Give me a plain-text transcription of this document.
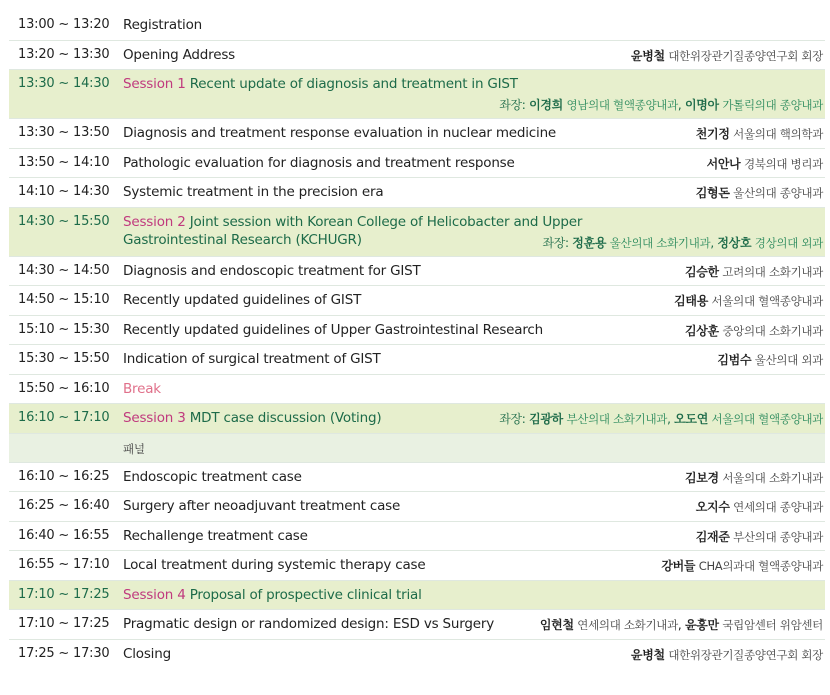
13:00 ~ 13:20	Registration
13:20 ~ 13:30	Opening Address	윤병철 대한위장관기질종양연구회 회장
13:30 ~ 14:30	Session 1 Recent update of diagnosis and treatment in GIST
좌장: 이경희 영남의대 혈액종양내과, 이명아 가톨릭의대 종양내과
13:30 ~ 13:50	Diagnosis and treatment response evaluation in nuclear medicine	천기정 서울의대 핵의학과
13:50 ~ 14:10	Pathologic evaluation for diagnosis and treatment response	서안나 경북의대 병리과
14:10 ~ 14:30	Systemic treatment in the precision era	김형돈 울산의대 종양내과
14:30 ~ 15:50	Session 2 Joint session with Korean College of Helicobacter and Upper
Gastrointestinal Research (KCHUGR)	좌장: 정훈용 울산의대 소화기내과, 정상호 경상의대 외과
14:30 ~ 14:50	Diagnosis and endoscopic treatment for GIST	김승한 고려의대 소화기내과
14:50 ~ 15:10	Recently updated guidelines of GIST	김태용 서울의대 혈액종양내과
15:10 ~ 15:30	Recently updated guidelines of Upper Gastrointestinal Research	김상훈 중앙의대 소화기내과
15:30 ~ 15:50	Indication of surgical treatment of GIST	김범수 울산의대 외과
15:50 ~ 16:10	Break
16:10 ~ 17:10	Session 3 MDT case discussion (Voting)	좌장: 김광하 부산의대 소화기내과, 오도연 서울의대 혈액종양내과
패널
16:10 ~ 16:25	Endoscopic treatment case	김보경 서울의대 소화기내과
16:25 ~ 16:40	Surgery after neoadjuvant treatment case	오지수 연세의대 종양내과
16:40 ~ 16:55	Rechallenge treatment case	김재준 부산의대 종양내과
16:55 ~ 17:10	Local treatment during systemic therapy case	강버들 CHA의과대 혈액종양내과
17:10 ~ 17:25	Session 4 Proposal of prospective clinical trial
17:10 ~ 17:25	Pragmatic design or randomized design: ESD vs Surgery	임현철 연세의대 소화기내과, 윤홍만 국립암센터 위암센터
17:25 ~ 17:30	Closing	윤병철 대한위장관기질종양연구회 회장
